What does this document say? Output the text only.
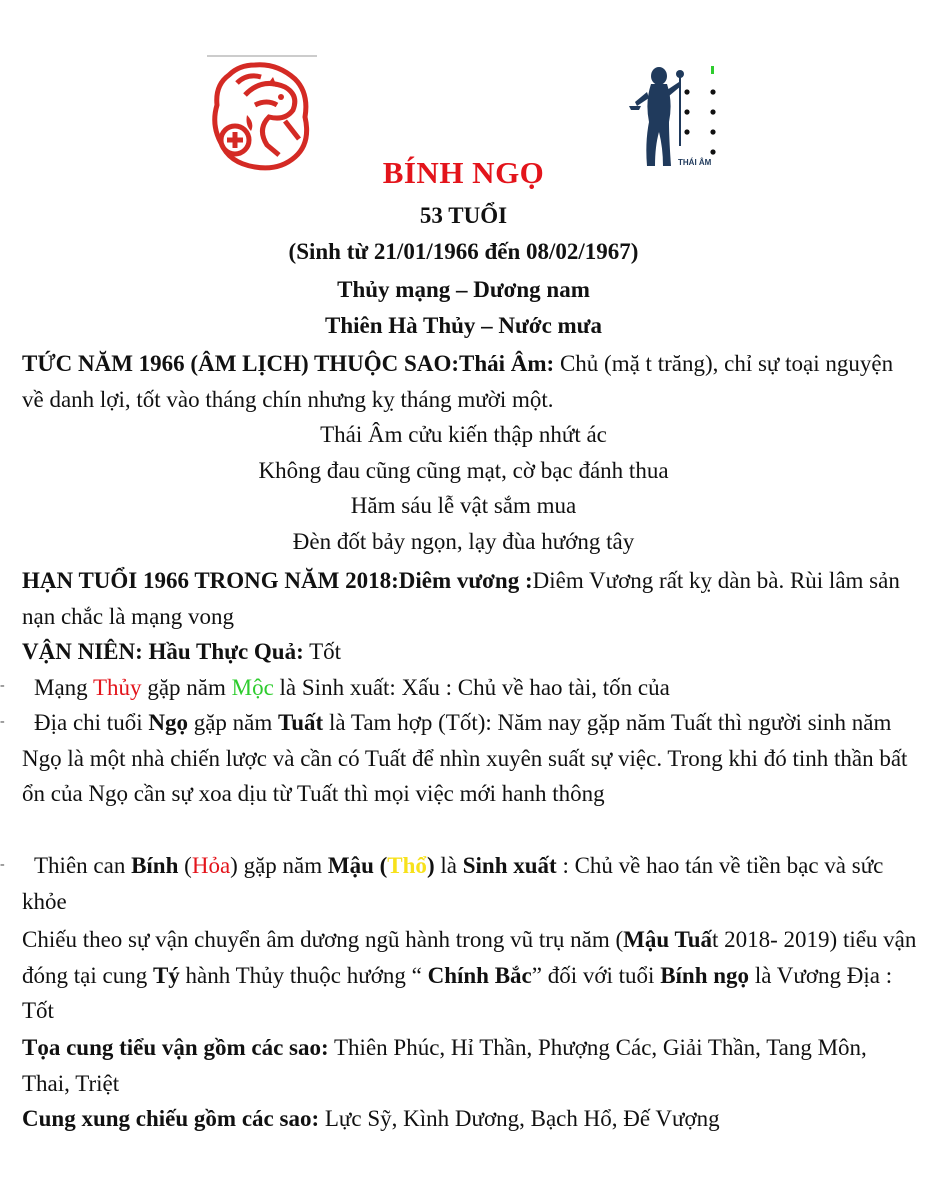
THÁI ÂM
BÍNH NGỌ
53 TUỔI
(Sinh từ 21/01/1966 đến 08/02/1967)
Thủy mạng – Dương nam
Thiên Hà Thủy – Nước mưa
TỨC NĂM 1966 (ÂM LỊCH) THUỘC SAO:Thái Âm: Chủ (mặ t trăng), chỉ sự toại nguyện về danh lợi, tốt vào tháng chín nhưng kỵ tháng mười một.
Thái Âm cửu kiến thập nhứt ác
Không đau cũng cũng mạt, cờ bạc đánh thua
Hăm sáu lễ vật sắm mua
Đèn đốt bảy ngọn, lạy đùa hướng tây
HẠN TUỔI 1966 TRONG NĂM 2018:Diêm vương :Diêm Vương rất kỵ dàn bà. Rùi lâm sản nạn chắc là mạng vong
VẬN NIÊN: Hầu Thực Quả: Tốt
-	Mạng Thủy gặp năm Mộc là Sinh xuất: Xấu : Chủ về hao tài, tốn của
-	Địa chi tuổi Ngọ gặp năm Tuất là Tam hợp (Tốt): Năm nay gặp năm Tuất thì người sinh năm Ngọ là một nhà chiến lược và cần có Tuất để nhìn xuyên suất sự việc. Trong khi đó tinh thần bất ổn của Ngọ cần sự xoa dịu từ Tuất thì mọi việc mới hanh thông
-	Thiên can Bính (Hỏa) gặp năm Mậu (Thổ) là Sinh xuất : Chủ về hao tán về tiền bạc và sức khỏe
Chiếu theo sự vận chuyển âm dương ngũ hành trong vũ trụ năm (Mậu Tuất 2018- 2019) tiểu vận đóng tại cung Tý hành Thủy thuộc hướng “ Chính Bắc” đối với tuổi Bính ngọ là Vương Địa : Tốt
Tọa cung tiểu vận gồm các sao: Thiên Phúc, Hỉ Thần, Phượng Các, Giải Thần, Tang Môn, Thai, Triệt
Cung xung chiếu gồm các sao: Lực Sỹ, Kình Dương, Bạch Hổ, Đế Vượng
